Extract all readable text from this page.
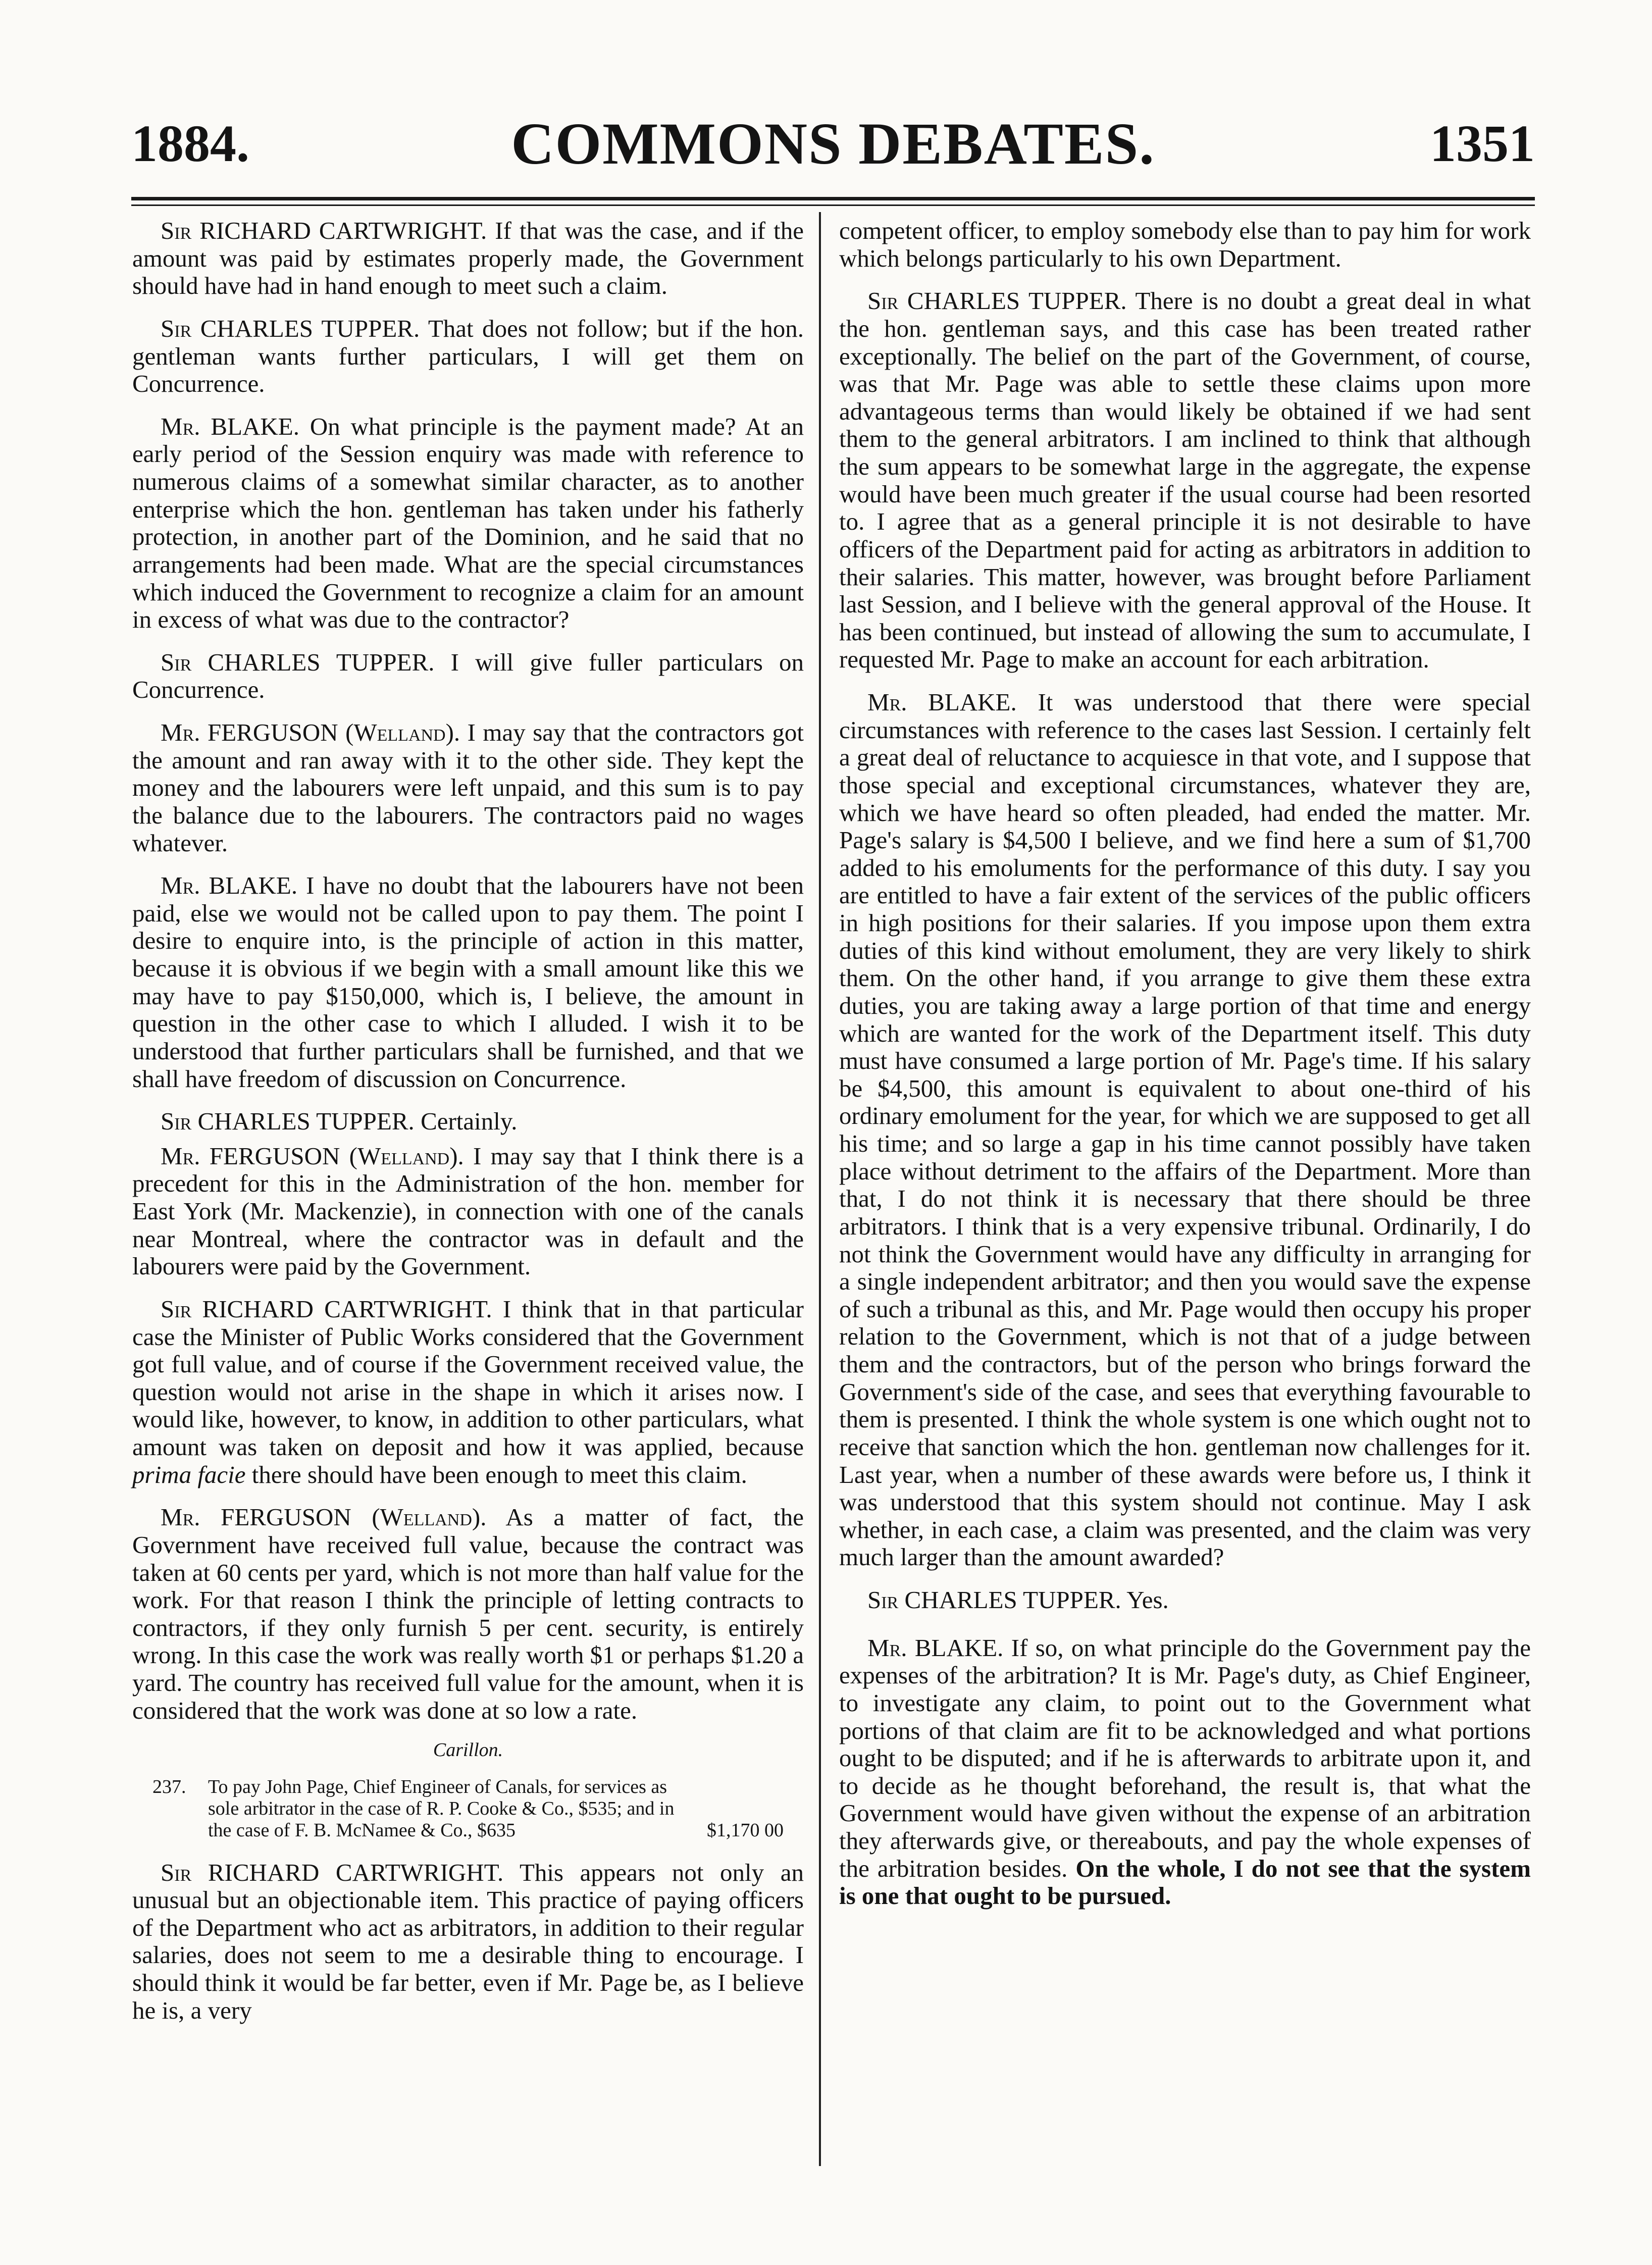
COMMONS DEBATES.
1884.	1351

Sir RICHARD CARTWRIGHT. If that was the case, and if the amount was paid by estimates properly made, the Government should have had in hand enough to meet such a claim.

Sir CHARLES TUPPER. That does not follow; but if the hon. gentleman wants further particulars, I will get them on Concurrence.

Mr. BLAKE. On what principle is the payment made? At an early period of the Session enquiry was made with reference to numerous claims of a somewhat similar character, as to another enterprise which the hon. gentleman has taken under his fatherly protection, in another part of the Dominion, and he said that no arrangements had been made. What are the special circumstances which induced the Government to recognize a claim for an amount in excess of what was due to the contractor?

Sir CHARLES TUPPER. I will give fuller particulars on Concurrence.

Mr. FERGUSON (Welland). I may say that the contractors got the amount and ran away with it to the other side. They kept the money and the labourers were left unpaid, and this sum is to pay the balance due to the labourers. The contractors paid no wages whatever.

Mr. BLAKE. I have no doubt that the labourers have not been paid, else we would not be called upon to pay them. The point I desire to enquire into, is the principle of action in this matter, because it is obvious if we begin with a small amount like this we may have to pay $150,000, which is, I believe, the amount in question in the other case to which I alluded. I wish it to be understood that further particulars shall be furnished, and that we shall have freedom of discussion on Concurrence.

Sir CHARLES TUPPER. Certainly.

Mr. FERGUSON (Welland). I may say that I think there is a precedent for this in the Administration of the hon. member for East York (Mr. Mackenzie), in connection with one of the canals near Montreal, where the contractor was in default and the labourers were paid by the Government.

Sir RICHARD CARTWRIGHT. I think that in that particular case the Minister of Public Works considered that the Government got full value, and of course if the Government received value, the question would not arise in the shape in which it arises now. I would like, however, to know, in addition to other particulars, what amount was taken on deposit and how it was applied, because prima facie there should have been enough to meet this claim.

Mr. FERGUSON (Welland). As a matter of fact, the Government have received full value, because the contract was taken at 60 cents per yard, which is not more than half value for the work. For that reason I think the principle of letting contracts to contractors, if they only furnish 5 per cent. security, is entirely wrong. In this case the work was really worth $1 or perhaps $1.20 a yard. The country has received full value for the amount, when it is considered that the work was done at so low a rate.

Carillon.

237. To pay John Page, Chief Engineer of Canals, for services as sole arbitrator in the case of R. P. Cooke & Co., $535; and in the case of F. B. McNamee & Co., $635	$1,170 00

Sir RICHARD CARTWRIGHT. This appears not only an unusual but an objectionable item. This practice of paying officers of the Department who act as arbitrators, in addition to their regular salaries, does not seem to me a desirable thing to encourage. I should think it would be far better, even if Mr. Page be, as I believe he is, a very

competent officer, to employ somebody else than to pay him for work which belongs particularly to his own Department.

Sir CHARLES TUPPER. There is no doubt a great deal in what the hon. gentleman says, and this case has been treated rather exceptionally. The belief on the part of the Government, of course, was that Mr. Page was able to settle these claims upon more advantageous terms than would likely be obtained if we had sent them to the general arbitrators. I am inclined to think that although the sum appears to be somewhat large in the aggregate, the expense would have been much greater if the usual course had been resorted to. I agree that as a general principle it is not desirable to have officers of the Department paid for acting as arbitrators in addition to their salaries. This matter, however, was brought before Parliament last Session, and I believe with the general approval of the House. It has been continued, but instead of allowing the sum to accumulate, I requested Mr. Page to make an account for each arbitration.

Mr. BLAKE. It was understood that there were special circumstances with reference to the cases last Session. I certainly felt a great deal of reluctance to acquiesce in that vote, and I suppose that those special and exceptional circumstances, whatever they are, which we have heard so often pleaded, had ended the matter. Mr. Page's salary is $4,500 I believe, and we find here a sum of $1,700 added to his emoluments for the performance of this duty. I say you are entitled to have a fair extent of the services of the public officers in high positions for their salaries. If you impose upon them extra duties of this kind without emolument, they are very likely to shirk them. On the other hand, if you arrange to give them these extra duties, you are taking away a large portion of that time and energy which are wanted for the work of the Department itself. This duty must have consumed a large portion of Mr. Page's time. If his salary be $4,500, this amount is equivalent to about one-third of his ordinary emolument for the year, for which we are supposed to get all his time; and so large a gap in his time cannot possibly have taken place without detriment to the affairs of the Department. More than that, I do not think it is necessary that there should be three arbitrators. I think that is a very expensive tribunal. Ordinarily, I do not think the Government would have any difficulty in arranging for a single independent arbitrator; and then you would save the expense of such a tribunal as this, and Mr. Page would then occupy his proper relation to the Government, which is not that of a judge between them and the contractors, but of the person who brings forward the Government's side of the case, and sees that everything favourable to them is presented. I think the whole system is one which ought not to receive that sanction which the hon. gentleman now challenges for it. Last year, when a number of these awards were before us, I think it was understood that this system should not continue. May I ask whether, in each case, a claim was presented, and the claim was very much larger than the amount awarded?

Sir CHARLES TUPPER. Yes.

Mr. BLAKE. If so, on what principle do the Government pay the expenses of the arbitration? It is Mr. Page's duty, as Chief Engineer, to investigate any claim, to point out to the Government what portions of that claim are fit to be acknowledged and what portions ought to be disputed; and if he is afterwards to arbitrate upon it, and to decide as he thought beforehand, the result is, that what the Government would have given without the expense of an arbitration they afterwards give, or thereabouts, and pay the whole expenses of the arbitration besides. On the whole, I do not see that the system is one that ought to be pursued.
